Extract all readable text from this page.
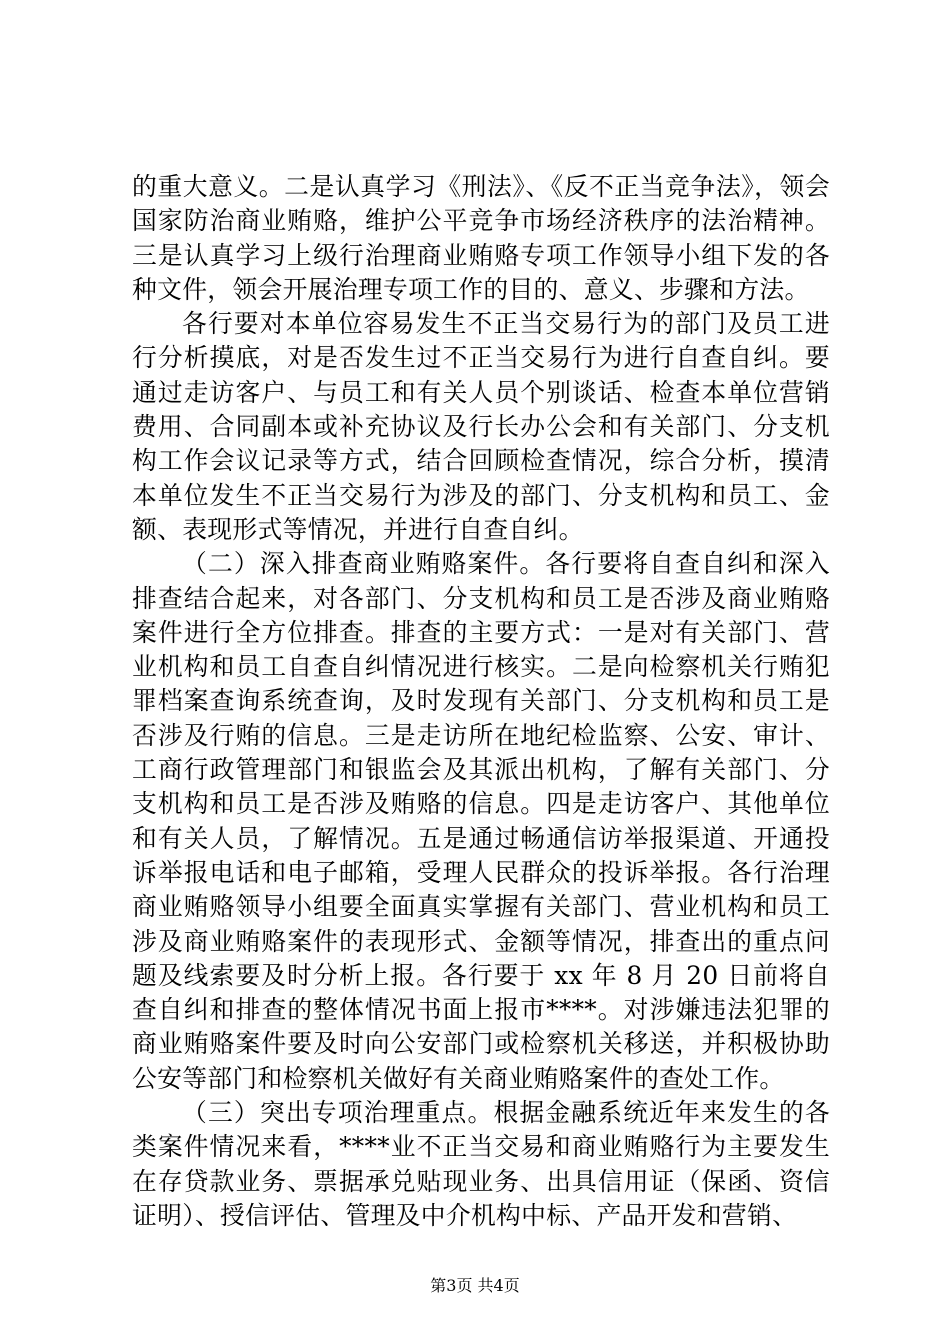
的重大意义。二是认真学习《刑法》、《反不正当竞争法》，领会国家防治商业贿赂，维护公平竞争市场经济秩序的法治精神。三是认真学习上级行治理商业贿赂专项工作领导小组下发的各种文件，领会开展治理专项工作的目的、意义、步骤和方法。

各行要对本单位容易发生不正当交易行为的部门及员工进行分析摸底，对是否发生过不正当交易行为进行自查自纠。要通过走访客户、与员工和有关人员个别谈话、检查本单位营销费用、合同副本或补充协议及行长办公会和有关部门、分支机构工作会议记录等方式，结合回顾检查情况，综合分析，摸清本单位发生不正当交易行为涉及的部门、分支机构和员工、金额、表现形式等情况，并进行自查自纠。

（二）深入排查商业贿赂案件。各行要将自查自纠和深入排查结合起来，对各部门、分支机构和员工是否涉及商业贿赂案件进行全方位排查。排查的主要方式：一是对有关部门、营业机构和员工自查自纠情况进行核实。二是向检察机关行贿犯罪档案查询系统查询，及时发现有关部门、分支机构和员工是否涉及行贿的信息。三是走访所在地纪检监察、公安、审计、工商行政管理部门和银监会及其派出机构，了解有关部门、分支机构和员工是否涉及贿赂的信息。四是走访客户、其他单位和有关人员，了解情况。五是通过畅通信访举报渠道、开通投诉举报电话和电子邮箱，受理人民群众的投诉举报。各行治理商业贿赂领导小组要全面真实掌握有关部门、营业机构和员工涉及商业贿赂案件的表现形式、金额等情况，排查出的重点问题及线索要及时分析上报。各行要于 xx 年 8 月 20 日前将自查自纠和排查的整体情况书面上报市****。对涉嫌违法犯罪的商业贿赂案件要及时向公安部门或检察机关移送，并积极协助公安等部门和检察机关做好有关商业贿赂案件的查处工作。

（三）突出专项治理重点。根据金融系统近年来发生的各类案件情况来看，****业不正当交易和商业贿赂行为主要发生在存贷款业务、票据承兑贴现业务、出具信用证（保函、资信证明）、授信评估、管理及中介机构中标、产品开发和营销、

第3页 共4页
